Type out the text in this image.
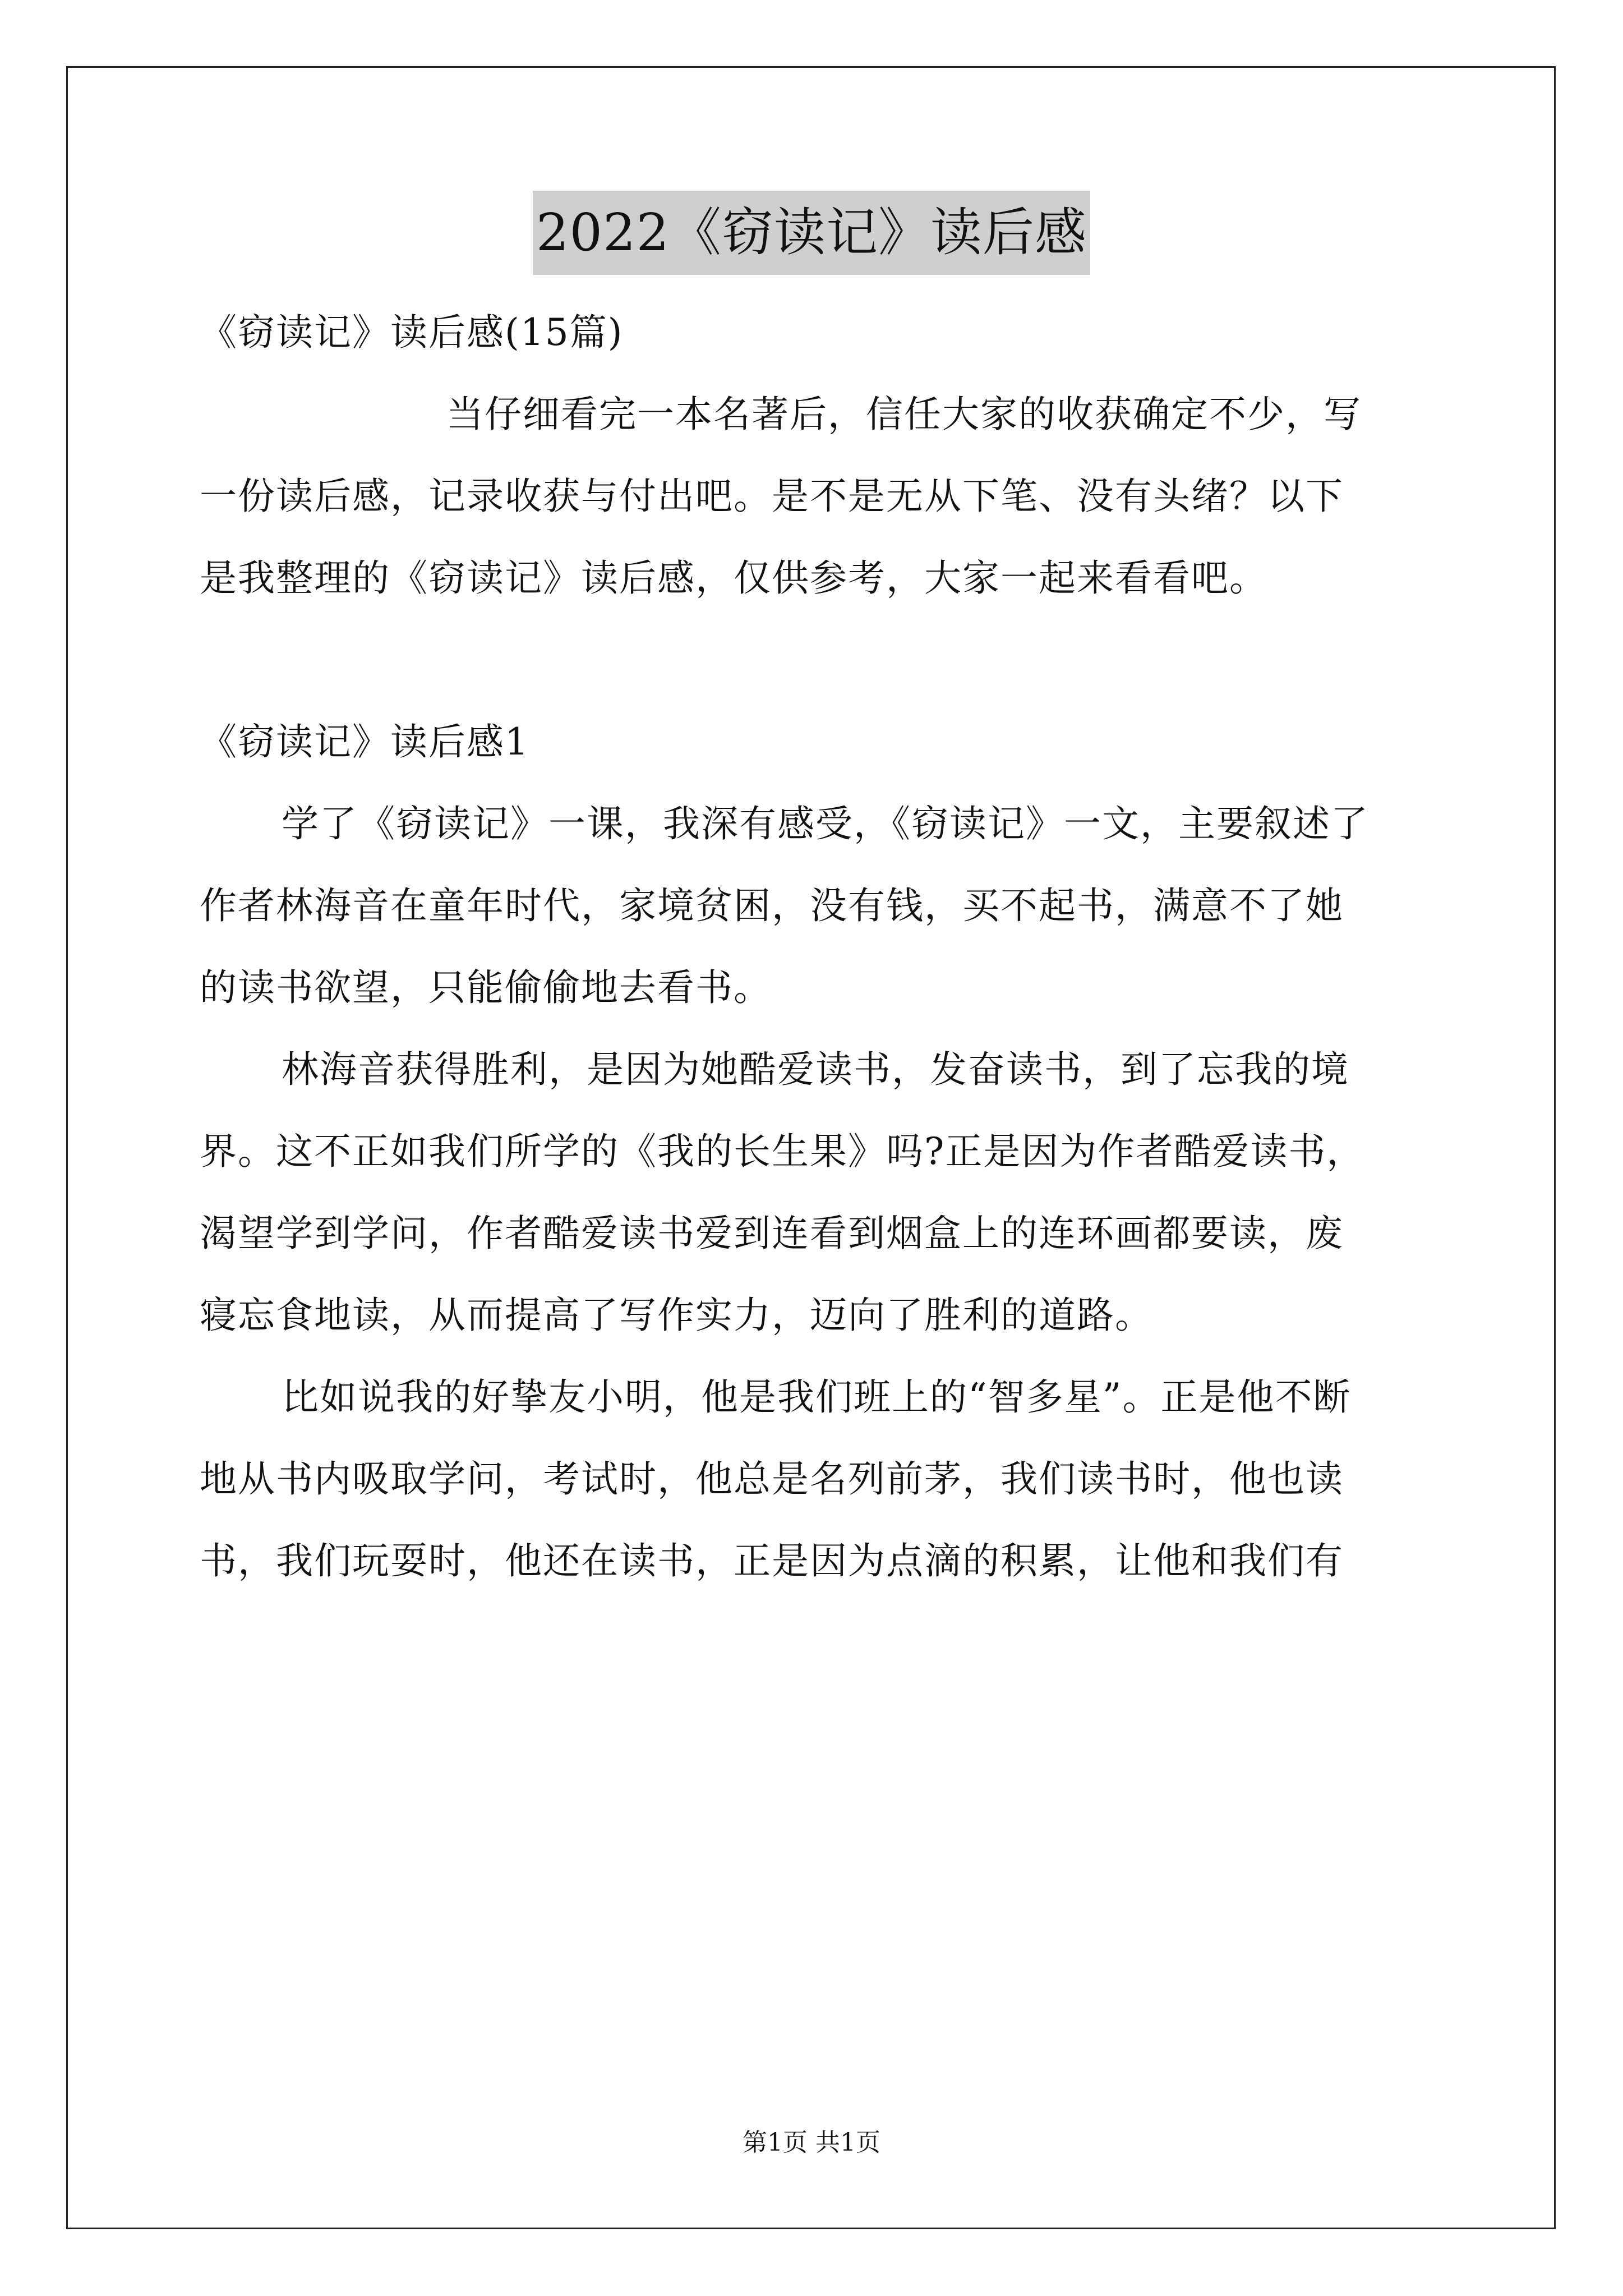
2022《窃读记》读后感
《窃读记》读后感(15篇)
当仔细看完一本名著后，信任大家的收获确定不少，写
一份读后感，记录收获与付出吧。是不是无从下笔、没有头绪？以下
是我整理的《窃读记》读后感，仅供参考，大家一起来看看吧。
《窃读记》读后感1
学了《窃读记》一课，我深有感受，《窃读记》一文，主要叙述了
作者林海音在童年时代，家境贫困，没有钱，买不起书，满意不了她
的读书欲望，只能偷偷地去看书。
林海音获得胜利，是因为她酷爱读书，发奋读书，到了忘我的境
界。这不正如我们所学的《我的长生果》吗?正是因为作者酷爱读书，
渴望学到学问，作者酷爱读书爱到连看到烟盒上的连环画都要读，废
寝忘食地读，从而提高了写作实力，迈向了胜利的道路。
比如说我的好挚友小明，他是我们班上的“智多星”。正是他不断
地从书内吸取学问，考试时，他总是名列前茅，我们读书时，他也读
书，我们玩耍时，他还在读书，正是因为点滴的积累，让他和我们有
第1页 共1页
